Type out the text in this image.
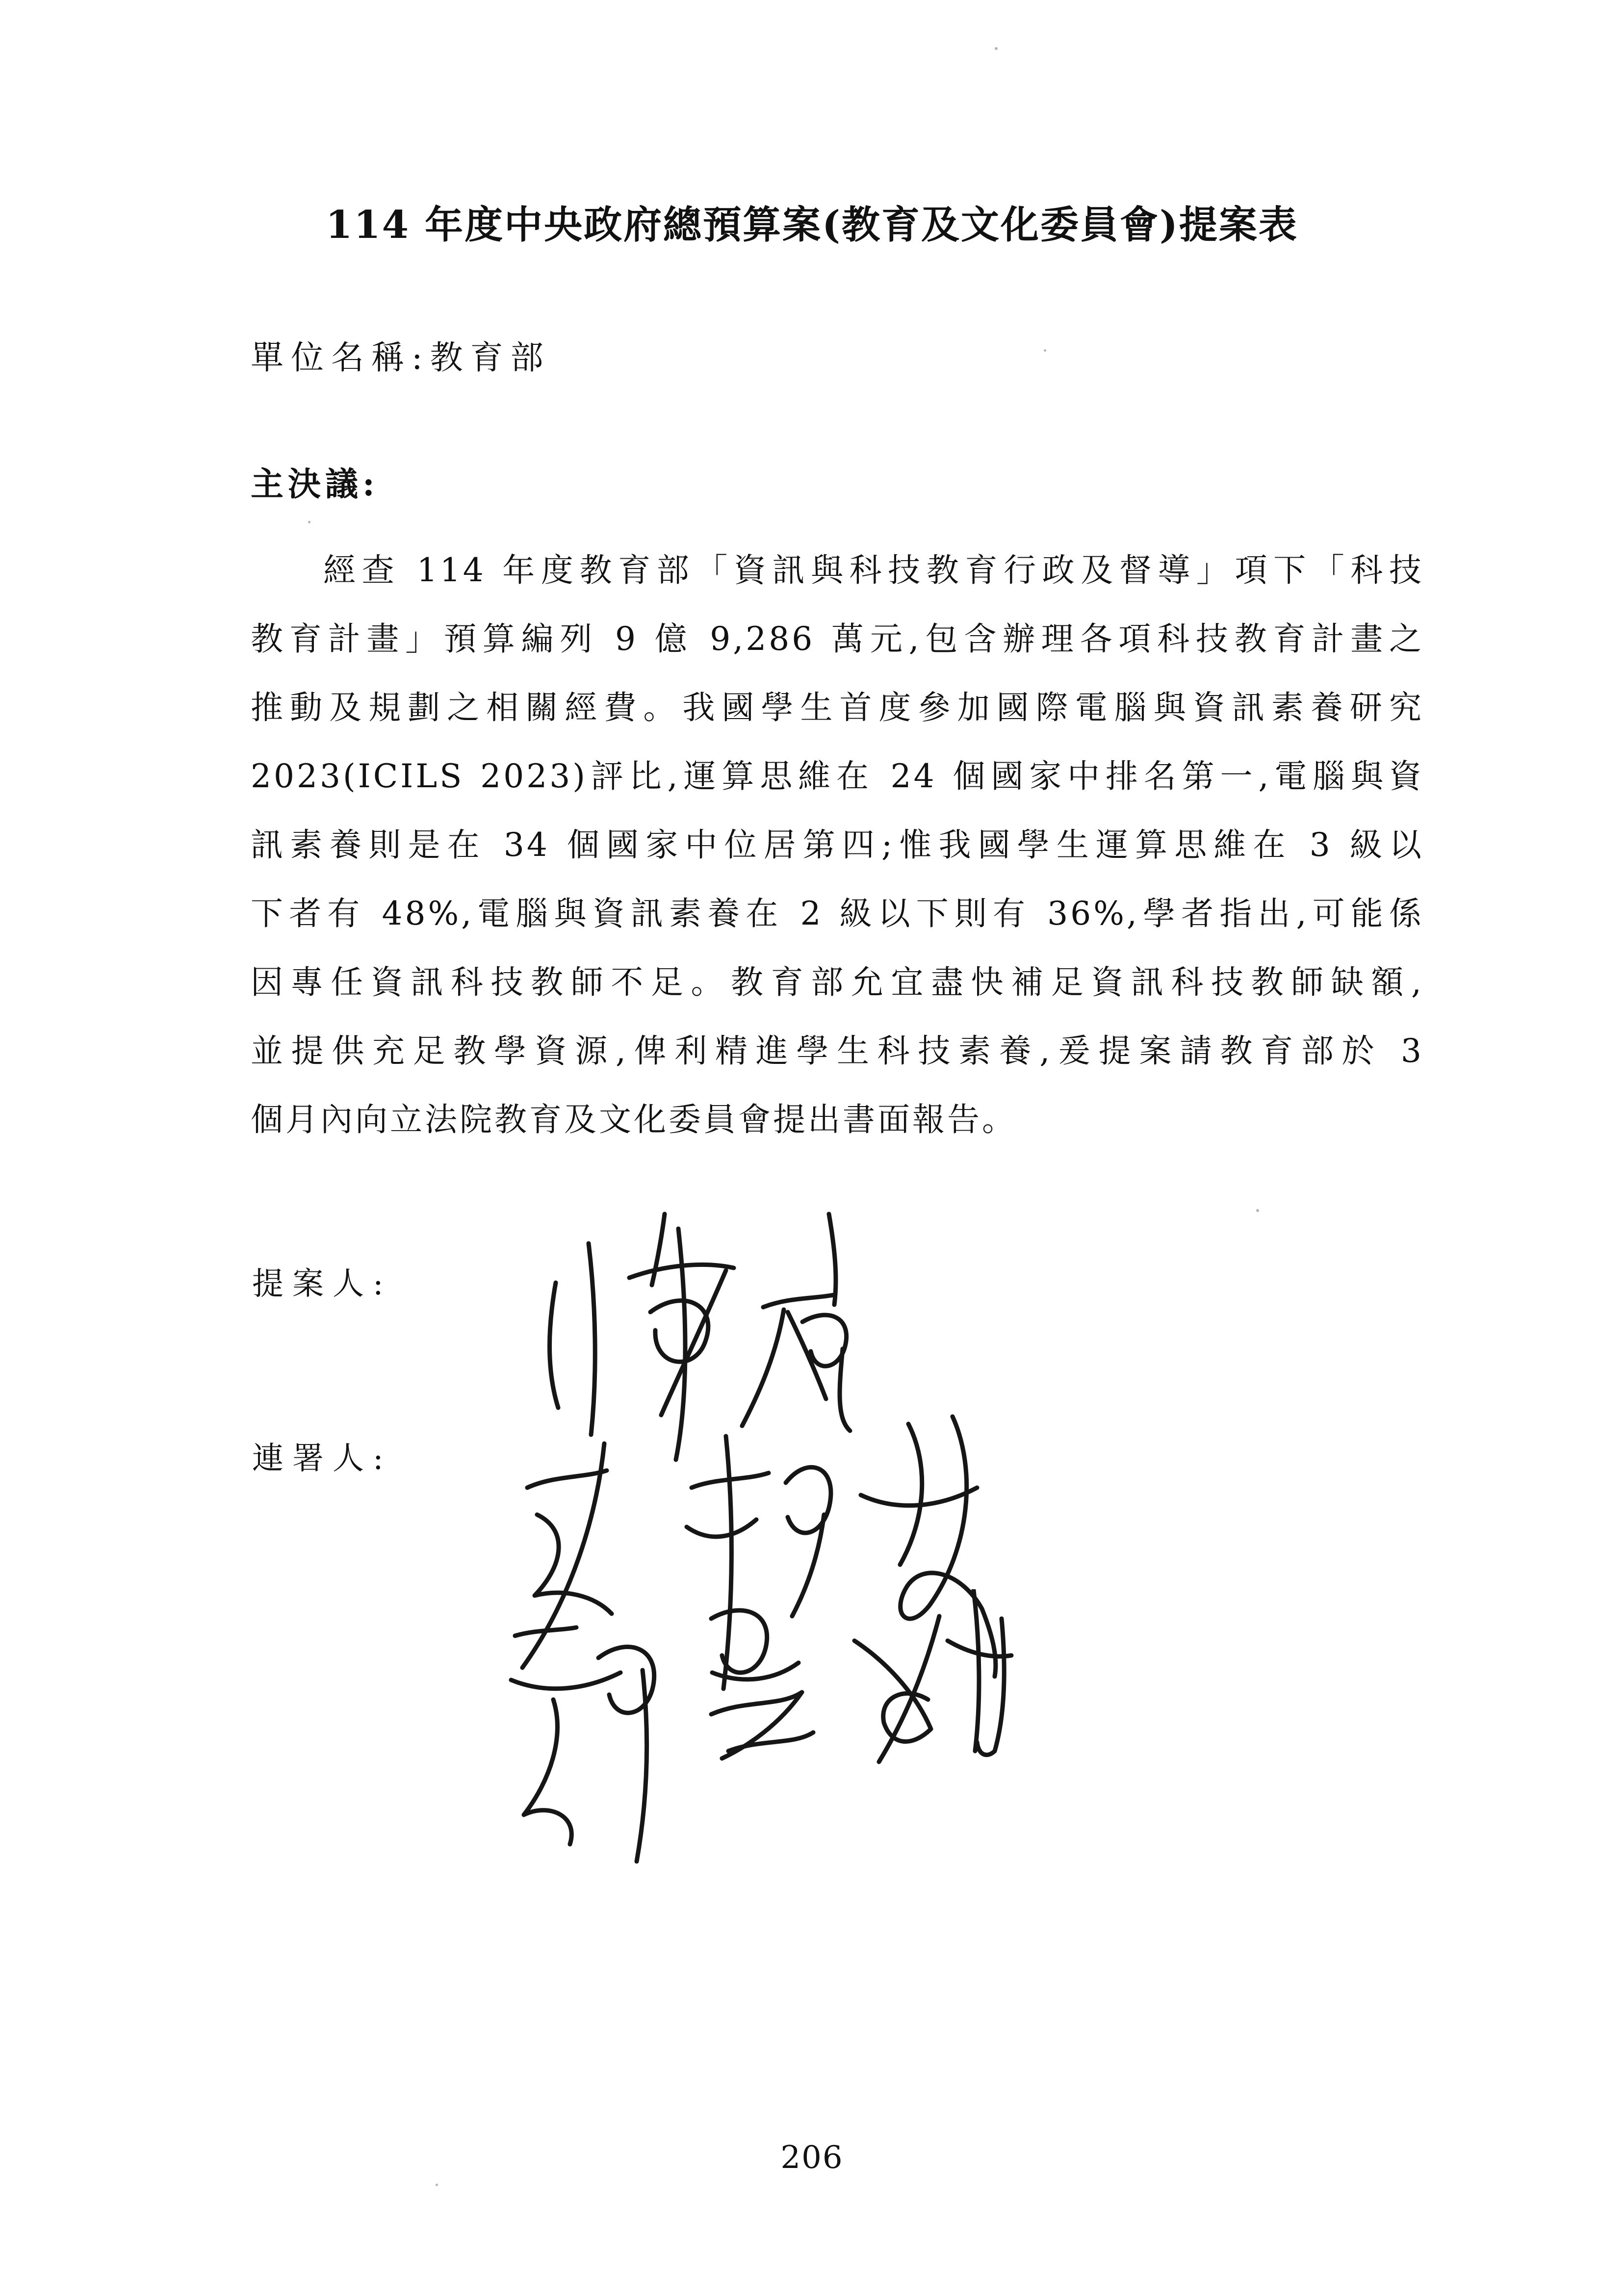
114 年度中央政府總預算案(教育及文化委員會)提案表
單位名稱:教育部
主決議:
經查 114 年度教育部「資訊與科技教育行政及督導」項下「科技
教育計畫」預算編列 9 億 9,286 萬元,包含辦理各項科技教育計畫之
推動及規劃之相關經費。我國學生首度參加國際電腦與資訊素養研究
2023(ICILS 2023)評比,運算思維在 24 個國家中排名第一,電腦與資
訊素養則是在 34 個國家中位居第四;惟我國學生運算思維在 3 級以
下者有 48%,電腦與資訊素養在 2 級以下則有 36%,學者指出,可能係
因專任資訊科技教師不足。教育部允宜盡快補足資訊科技教師缺額,
並提供充足教學資源,俾利精進學生科技素養,爰提案請教育部於 3
個月內向立法院教育及文化委員會提出書面報告。
提案人:
連署人:
206
